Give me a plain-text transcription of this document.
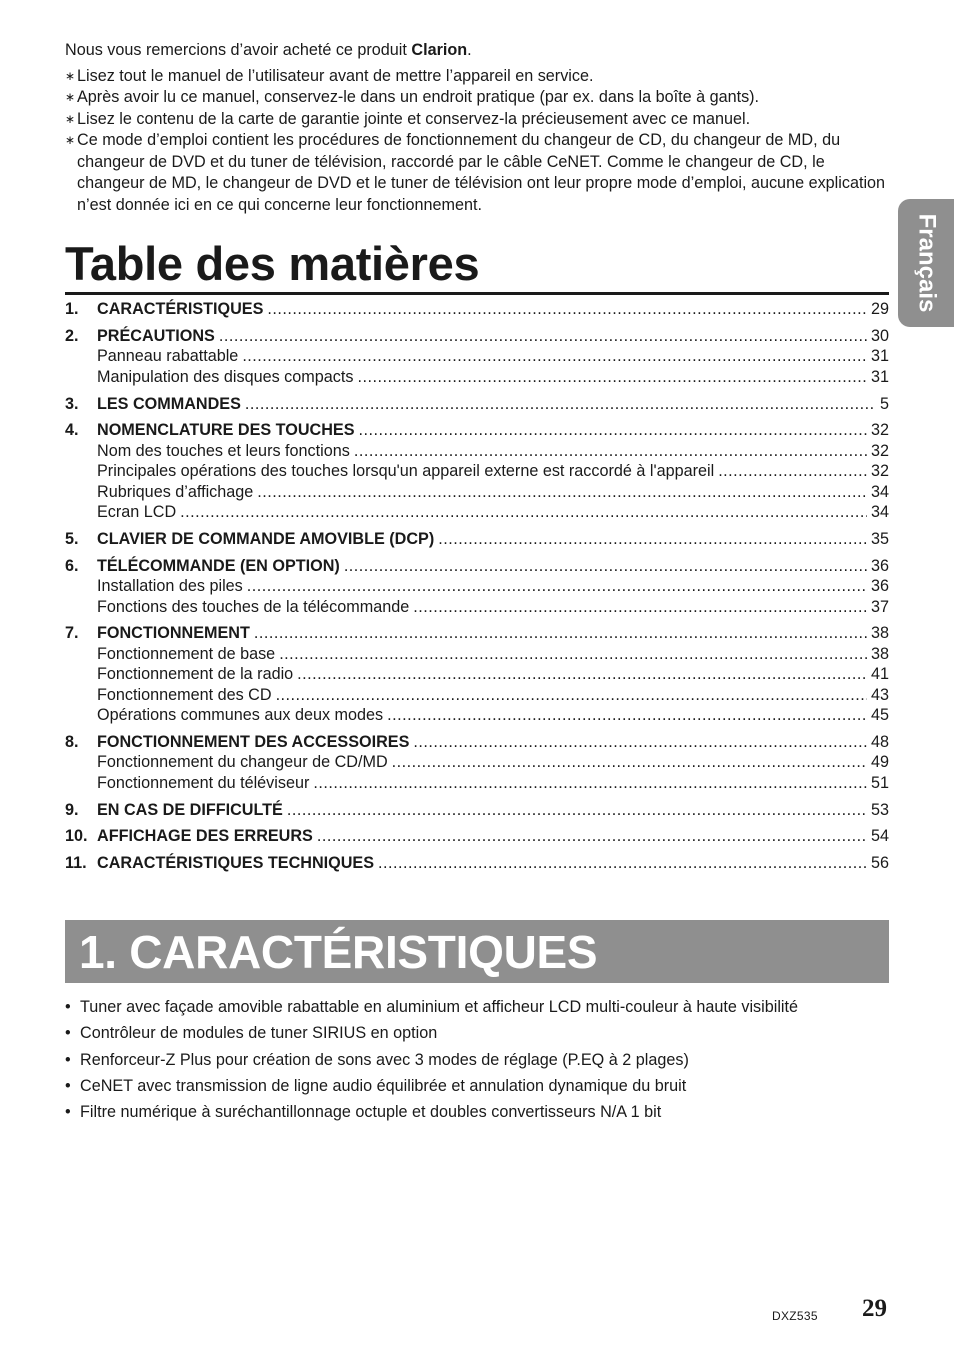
Nous vous remercions d’avoir acheté ce produit Clarion.

∗ Lisez tout le manuel de l’utilisateur avant de mettre l’appareil en service.
∗ Après avoir lu ce manuel, conservez-le dans un endroit pratique (par ex. dans la boîte à gants).
∗ Lisez le contenu de la carte de garantie jointe et conservez-la précieusement avec ce manuel.
∗ Ce mode d’emploi contient les procédures de fonctionnement du changeur de CD, du changeur de MD, du changeur de DVD et du tuner de télévision, raccordé par le câble CeNET. Comme le changeur de CD, le changeur de MD, le changeur de DVD et le tuner de télévision ont leur propre mode d’emploi, aucune explication n’est donnée ici en ce qui concerne leur fonctionnement.
Français
Table des matières
1.	CARACTÉRISTIQUES .....	29
2.	PRÉCAUTIONS .....	30
Panneau rabattable .....	31
Manipulation des disques compacts .....	31
3.	LES COMMANDES .....	5
4.	NOMENCLATURE DES TOUCHES .....	32
Nom des touches et leurs fonctions .....	32
Principales opérations des touches lorsqu'un appareil externe est raccordé à l'appareil .....	32
Rubriques d’affichage .....	34
Ecran LCD .....	34
5.	CLAVIER DE COMMANDE AMOVIBLE (DCP) .....	35
6.	TÉLÉCOMMANDE (EN OPTION) .....	36
Installation des piles .....	36
Fonctions des touches de la télécommande .....	37
7.	FONCTIONNEMENT .....	38
Fonctionnement de base .....	38
Fonctionnement de la radio .....	41
Fonctionnement des CD .....	43
Opérations communes aux deux modes .....	45
8.	FONCTIONNEMENT DES ACCESSOIRES .....	48
Fonctionnement du changeur de CD/MD .....	49
Fonctionnement du téléviseur .....	51
9.	EN CAS DE DIFFICULTÉ .....	53
10. AFFICHAGE DES ERREURS .....	54
11. CARACTÉRISTIQUES TECHNIQUES .....	56
1. CARACTÉRISTIQUES
• Tuner avec façade amovible rabattable en aluminium et afficheur LCD multi-couleur à haute visibilité
• Contrôleur de modules de tuner SIRIUS en option
• Renforceur-Z Plus pour création de sons avec 3 modes de réglage (P.EQ à 2 plages)
• CeNET avec transmission de ligne audio équilibrée et annulation dynamique du bruit
• Filtre numérique à suréchantillonnage octuple et doubles convertisseurs N/A 1 bit
DXZ535 29
